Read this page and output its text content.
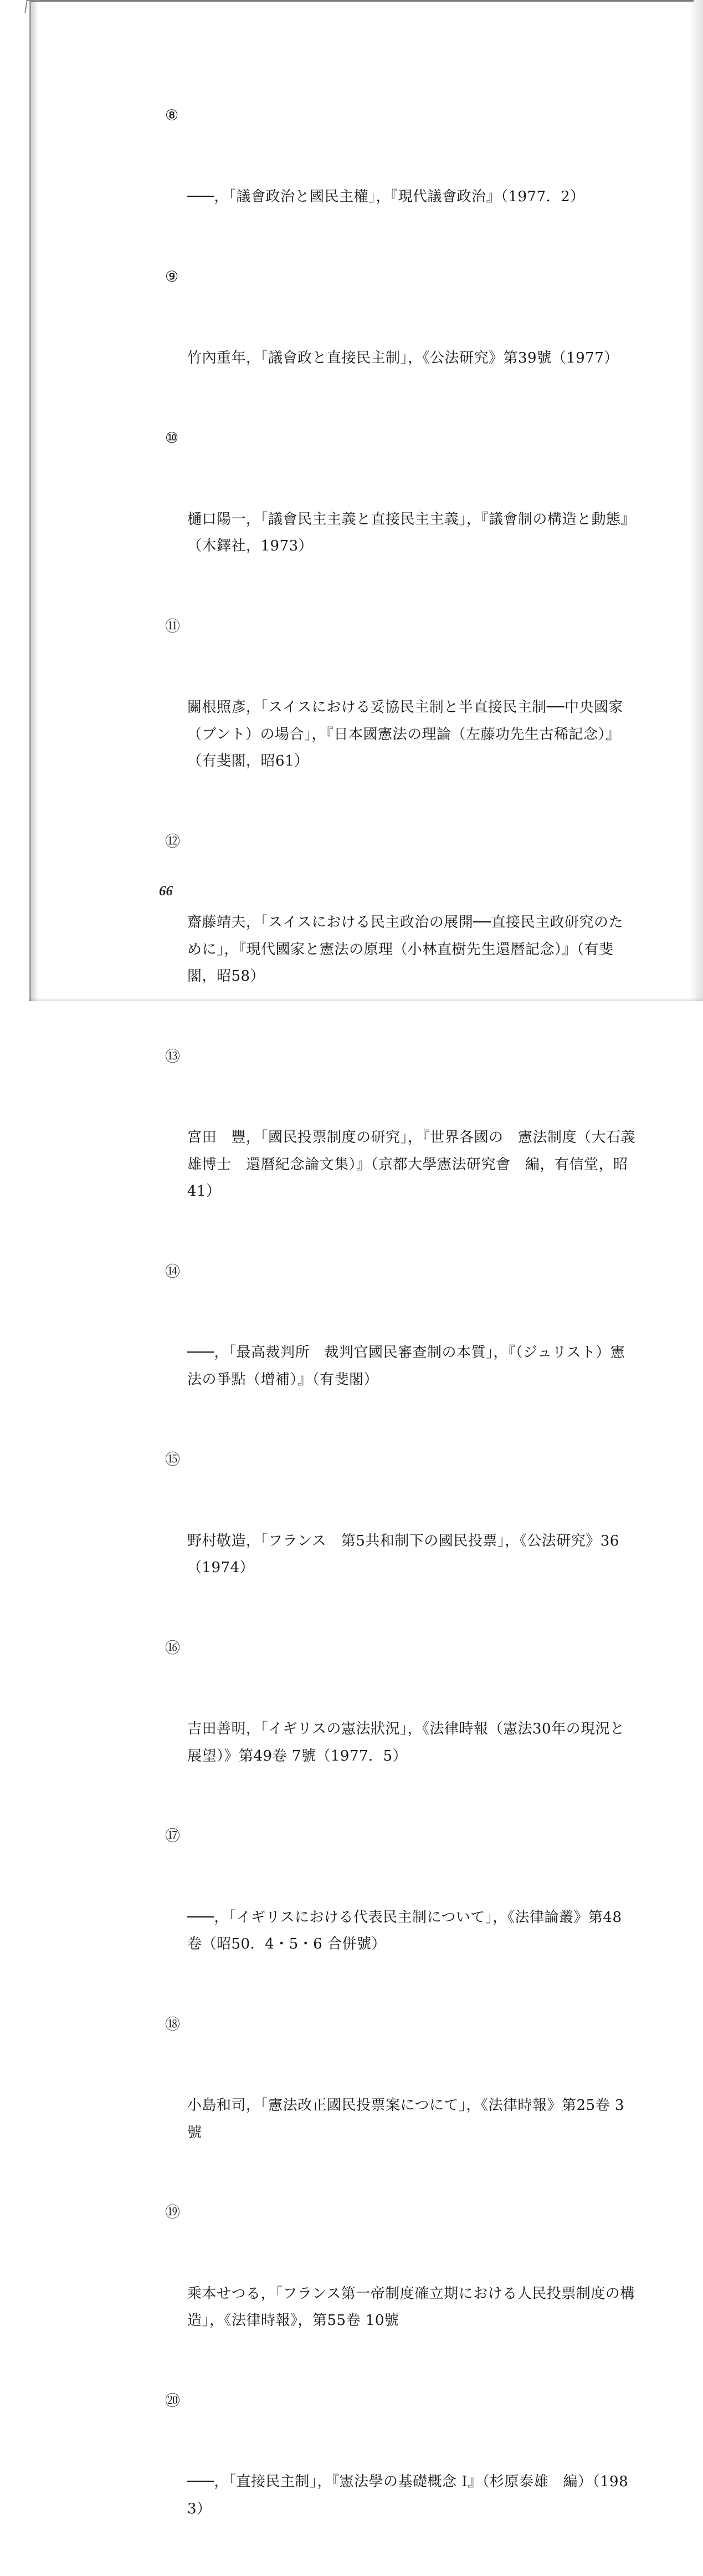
⑧

───，「議會政治と國民主權」，『現代議會政治』（1977．2）

⑨

竹內重年，「議會政と直接民主制」，《公法研究》第39號（1977）

⑩

樋口陽一，「議會民主主義と直接民主主義」，『議會制の構造と動態』（木鐸社，1973）

⑪

關根照彥，「スイスにおける妥協民主制と半直接民主制──中央國家（ブント）の場合」，『日本國憲法の理論（左藤功先生古稀記念）』（有斐閣，昭61）

⑫

齋藤靖夫，「スイスにおける民主政治の展開──直接民主政研究のために」，『現代國家と憲法の原理（小林直樹先生還暦記念）』（有斐閣，昭58）

⑬

宮田　豐，「國民投票制度の研究」，『世界各國の　憲法制度（大石義雄博士　還曆紀念論文集）』（京都大學憲法研究會　編，有信堂，昭41）

⑭

───，「最高裁判所　裁判官國民審查制の本質」，『（ジュリスト）憲法の爭點（增補）』（有斐閣）

⑮

野村敬造，「フランス　第5共和制下の國民投票」，《公法研究》36（1974）

⑯

吉田善明，「イギリスの憲法狀況」，《法律時報（憲法30年の現況と展望）》第49卷 7號（1977．5）

⑰

───，「イギリスにおける代表民主制について」，《法律論叢》第48卷（昭50．4・5・6 合併號）

⑱

小島和司，「憲法改正國民投票案につにて」，《法律時報》第25卷 3號

⑲

乘本せつる，「フランス第一帝制度確立期における人民投票制度の構造」，《法律時報》，第55卷 10號

⑳

───，「直接民主制」，『憲法學の基礎概念 Ⅰ』（杉原泰雄　編）（1983）

66
